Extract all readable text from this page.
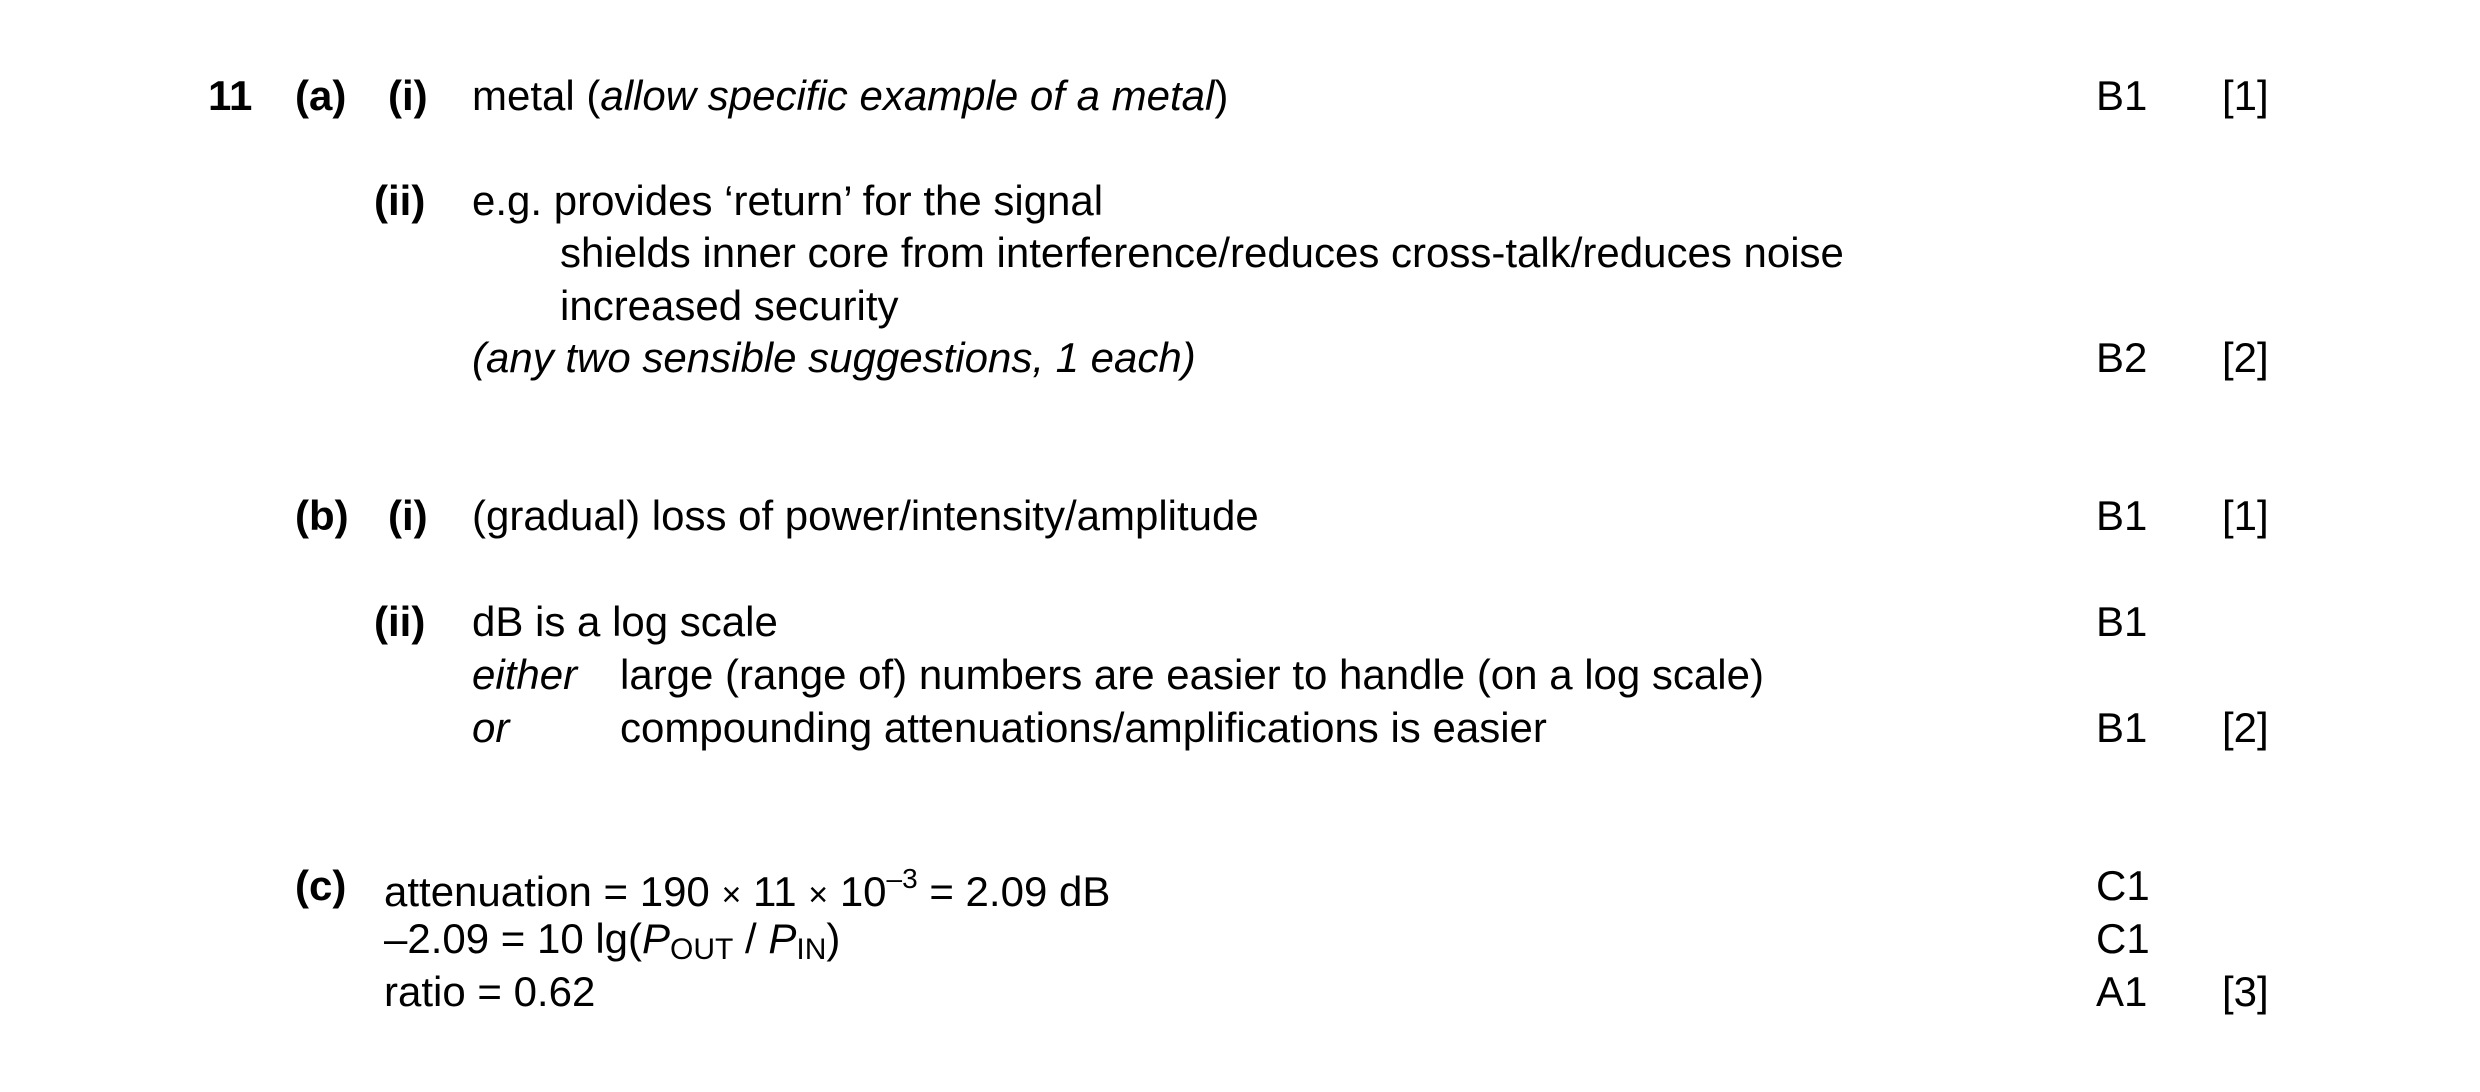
11 (a) (i) metal (allow specific example of a metal)	B1 [1]
(ii) e.g. provides ‘return’ for the signal
shields inner core from interference/reduces cross-talk/reduces noise
increased security
(any two sensible suggestions, 1 each)	B2 [2]
(b) (i) (gradual) loss of power/intensity/amplitude	B1 [1]
(ii) dB is a log scale	B1
either large (range of) numbers are easier to handle (on a log scale)
or	compounding attenuations/amplifications is easier	B1 [2]
(c) attenuation = $190 \times 11 \times 10^{-3} = 2.09$ dB	C1
–2.09 = 10 lg(POUT / PIN)	C1
ratio = 0.62	A1 [3]
